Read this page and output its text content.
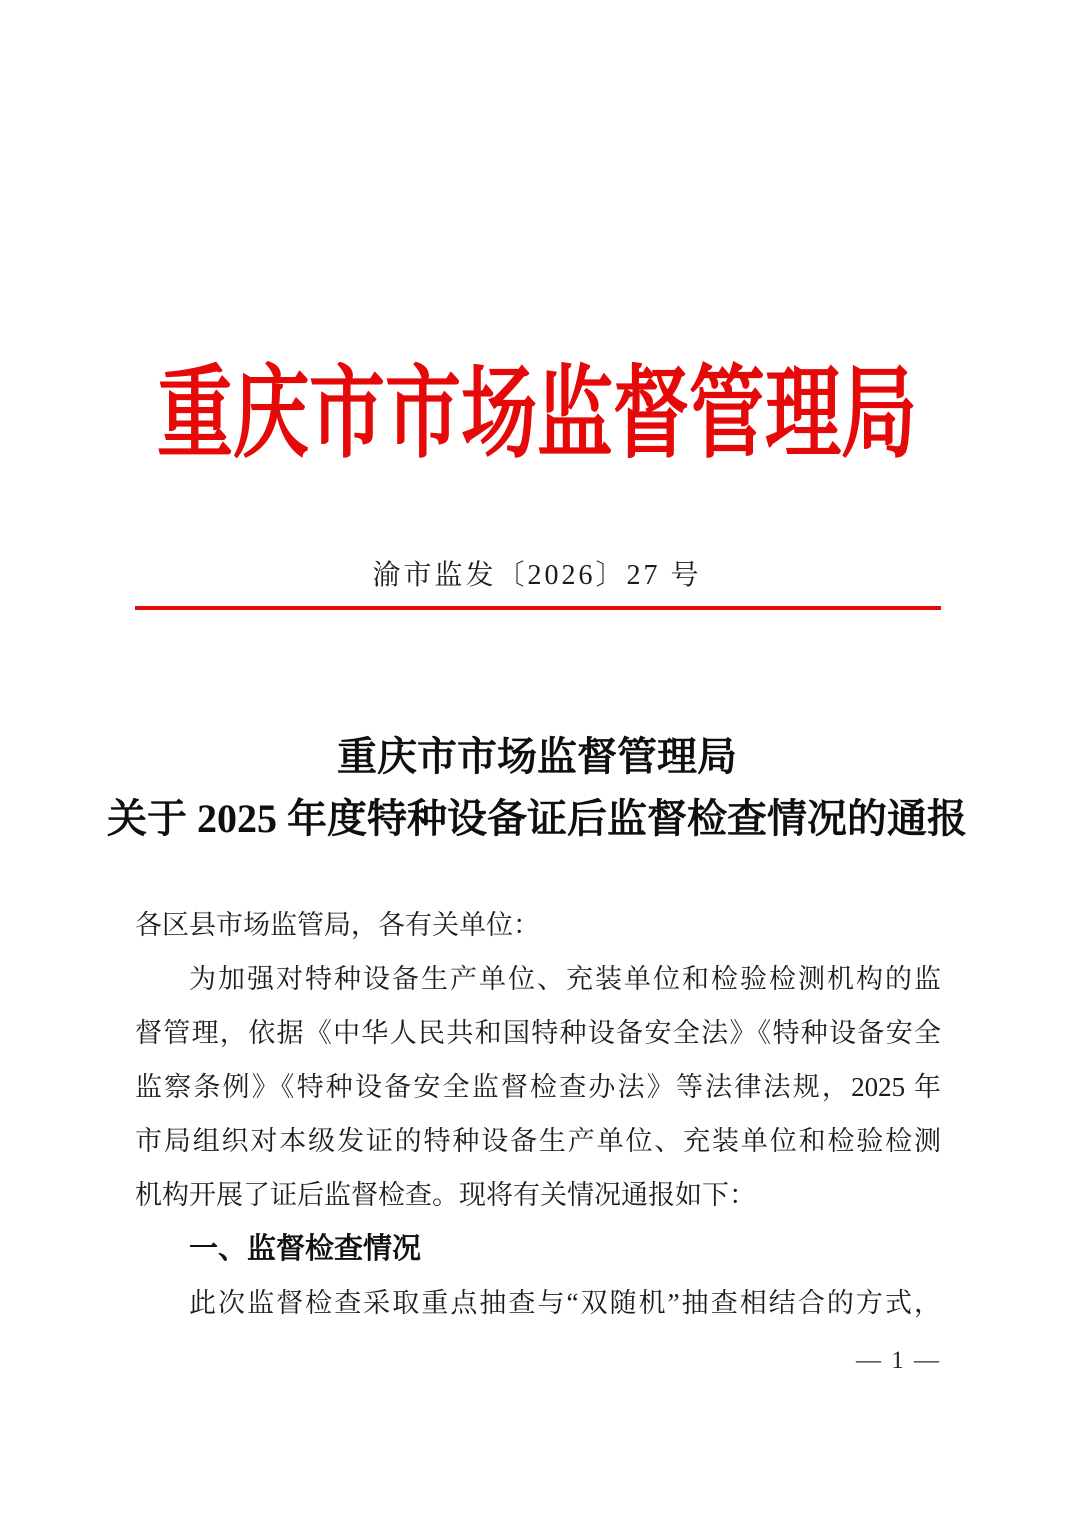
重庆市市场监督管理局
渝市监发〔2026〕27 号
重庆市市场监督管理局
关于 2025 年度特种设备证后监督检查情况的通报
各区县市场监管局，各有关单位：
为加强对特种设备生产单位、充装单位和检验检测机构的监
督管理，依据《中华人民共和国特种设备安全法》《特种设备安全
监察条例》《特种设备安全监督检查办法》等法律法规，2025 年
市局组织对本级发证的特种设备生产单位、充装单位和检验检测
机构开展了证后监督检查。现将有关情况通报如下：
一、监督检查情况
此次监督检查采取重点抽查与“双随机”抽查相结合的方式，
— 1 —
